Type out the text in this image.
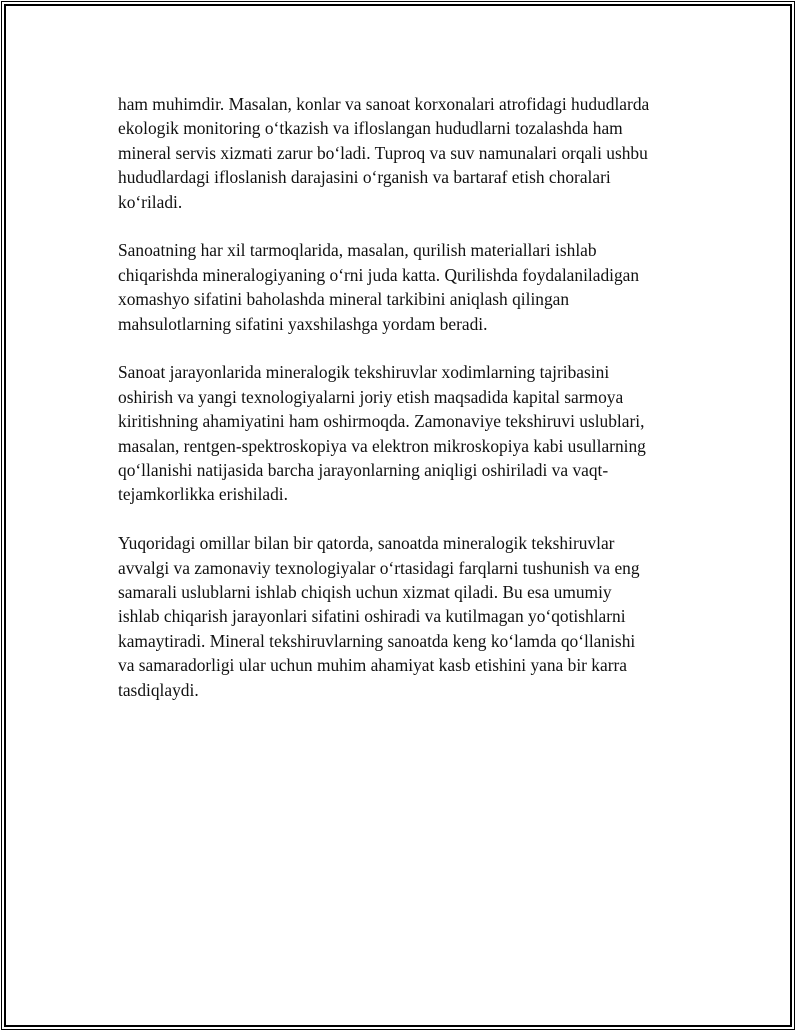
ham muhimdir. Masalan, konlar va sanoat korxonalari atrofidagi hududlarda
ekologik monitoring o‘tkazish va ifloslangan hududlarni tozalashda ham
mineral servis xizmati zarur bo‘ladi. Tuproq va suv namunalari orqali ushbu
hududlardagi ifloslanish darajasini o‘rganish va bartaraf etish choralari
ko‘riladi.

Sanoatning har xil tarmoqlarida, masalan, qurilish materiallari ishlab
chiqarishda mineralogiyaning o‘rni juda katta. Qurilishda foydalaniladigan
xomashyo sifatini baholashda mineral tarkibini aniqlash qilingan
mahsulotlarning sifatini yaxshilashga yordam beradi.

Sanoat jarayonlarida mineralogik tekshiruvlar xodimlarning tajribasini
oshirish va yangi texnologiyalarni joriy etish maqsadida kapital sarmoya
kiritishning ahamiyatini ham oshirmoqda. Zamonaviye tekshiruvi uslublari,
masalan, rentgen-spektroskopiya va elektron mikroskopiya kabi usullarning
qo‘llanishi natijasida barcha jarayonlarning aniqligi oshiriladi va vaqt-
tejamkorlikka erishiladi.

Yuqoridagi omillar bilan bir qatorda, sanoatda mineralogik tekshiruvlar
avvalgi va zamonaviy texnologiyalar o‘rtasidagi farqlarni tushunish va eng
samarali uslublarni ishlab chiqish uchun xizmat qiladi. Bu esa umumiy
ishlab chiqarish jarayonlari sifatini oshiradi va kutilmagan yo‘qotishlarni
kamaytiradi. Mineral tekshiruvlarning sanoatda keng ko‘lamda qo‘llanishi
va samaradorligi ular uchun muhim ahamiyat kasb etishini yana bir karra
tasdiqlaydi.
